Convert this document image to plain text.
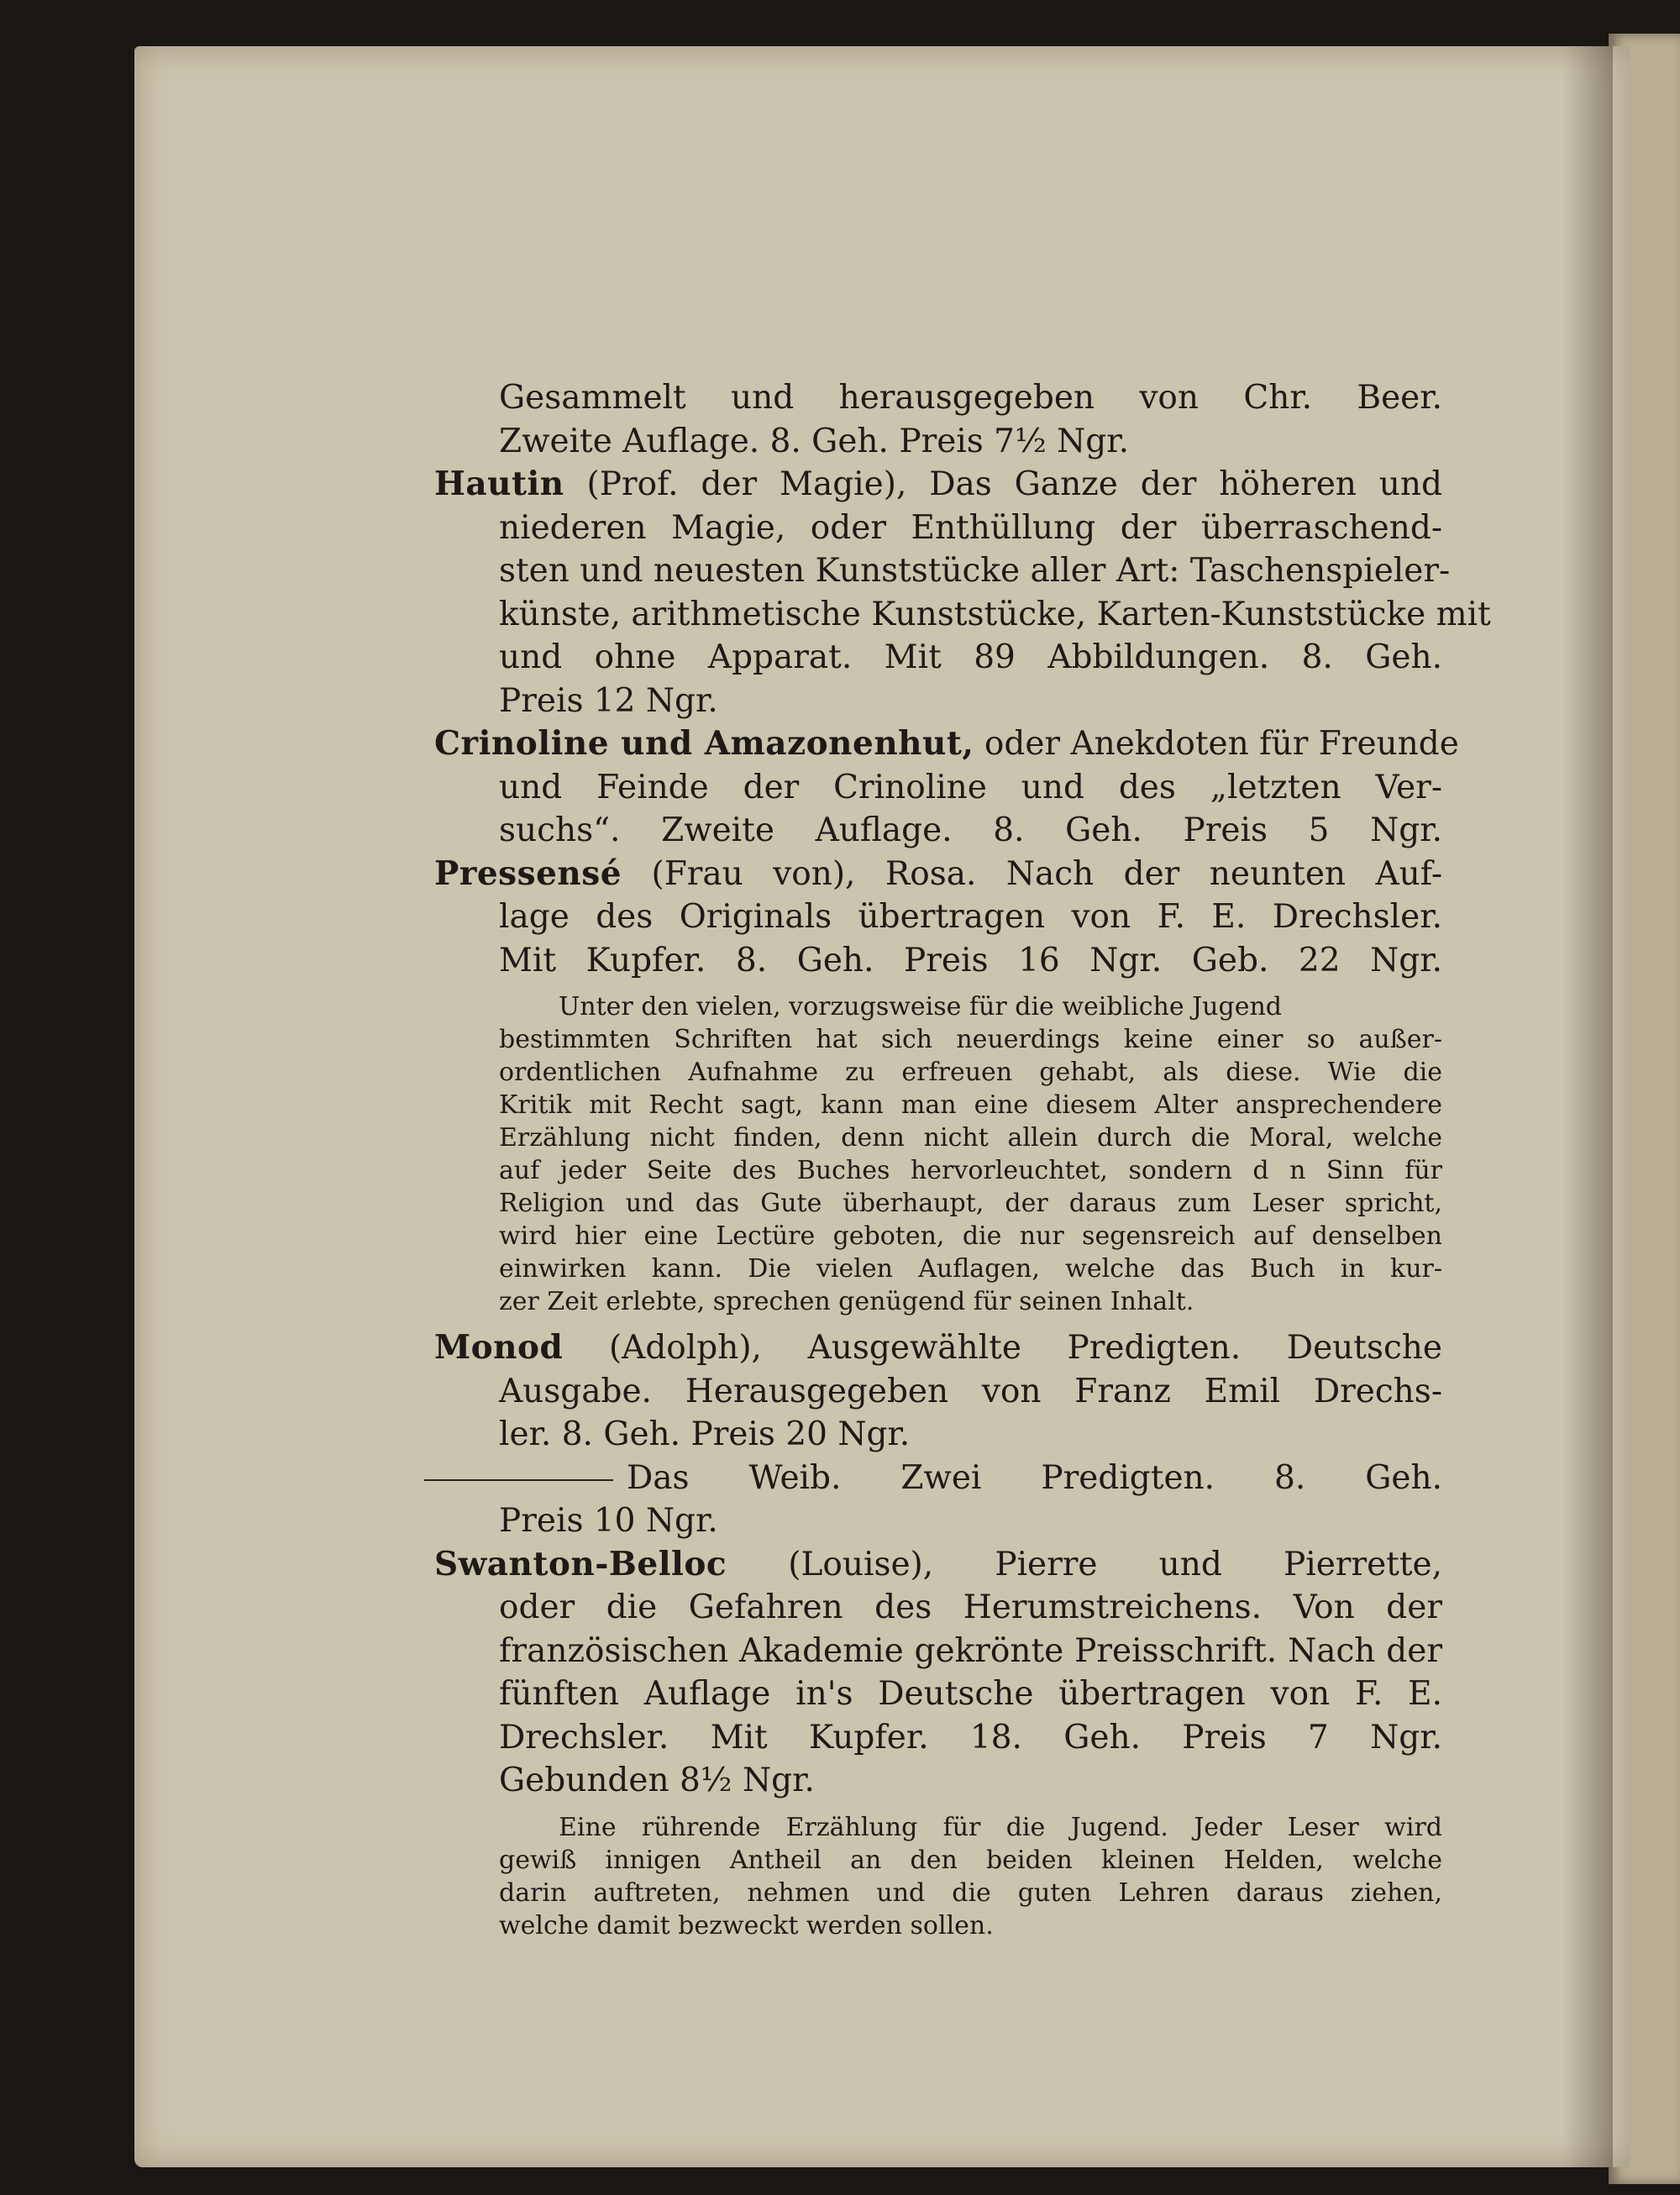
Gesammelt und herausgegeben von Chr. Beer.
Zweite Auflage. 8. Geh. Preis 7½ Ngr.
Hautin (Prof. der Magie), Das Ganze der höheren und
niederen Magie, oder Enthüllung der überraschend-
sten und neuesten Kunststücke aller Art: Taschenspieler-
künste, arithmetische Kunststücke, Karten-Kunststücke mit
und ohne Apparat. Mit 89 Abbildungen. 8. Geh.
Preis 12 Ngr.
Crinoline und Amazonenhut, oder Anekdoten für Freunde
und Feinde der Crinoline und des „letzten Ver-
suchs“. Zweite Auflage. 8. Geh. Preis 5 Ngr.
Pressensé (Frau von), Rosa. Nach der neunten Auf-
lage des Originals übertragen von F. E. Drechsler.
Mit Kupfer. 8. Geh. Preis 16 Ngr. Geb. 22 Ngr.
Unter den vielen, vorzugsweise für die weibliche Jugend
bestimmten Schriften hat sich neuerdings keine einer so außer-
ordentlichen Aufnahme zu erfreuen gehabt, als diese. Wie die
Kritik mit Recht sagt, kann man eine diesem Alter ansprechendere
Erzählung nicht finden, denn nicht allein durch die Moral, welche
auf jeder Seite des Buches hervorleuchtet, sondern d n Sinn für
Religion und das Gute überhaupt, der daraus zum Leser spricht,
wird hier eine Lectüre geboten, die nur segensreich auf denselben
einwirken kann. Die vielen Auflagen, welche das Buch in kur-
zer Zeit erlebte, sprechen genügend für seinen Inhalt.
Monod (Adolph), Ausgewählte Predigten. Deutsche
Ausgabe. Herausgegeben von Franz Emil Drechs-
ler. 8. Geh. Preis 20 Ngr.
Das Weib. Zwei Predigten. 8. Geh.
Preis 10 Ngr.
Swanton-Belloc (Louise), Pierre und Pierrette,
oder die Gefahren des Herumstreichens. Von der
französischen Akademie gekrönte Preisschrift. Nach der
fünften Auflage in's Deutsche übertragen von F. E.
Drechsler. Mit Kupfer. 18. Geh. Preis 7 Ngr.
Gebunden 8½ Ngr.
Eine rührende Erzählung für die Jugend. Jeder Leser wird
gewiß innigen Antheil an den beiden kleinen Helden, welche
darin auftreten, nehmen und die guten Lehren daraus ziehen,
welche damit bezweckt werden sollen.
